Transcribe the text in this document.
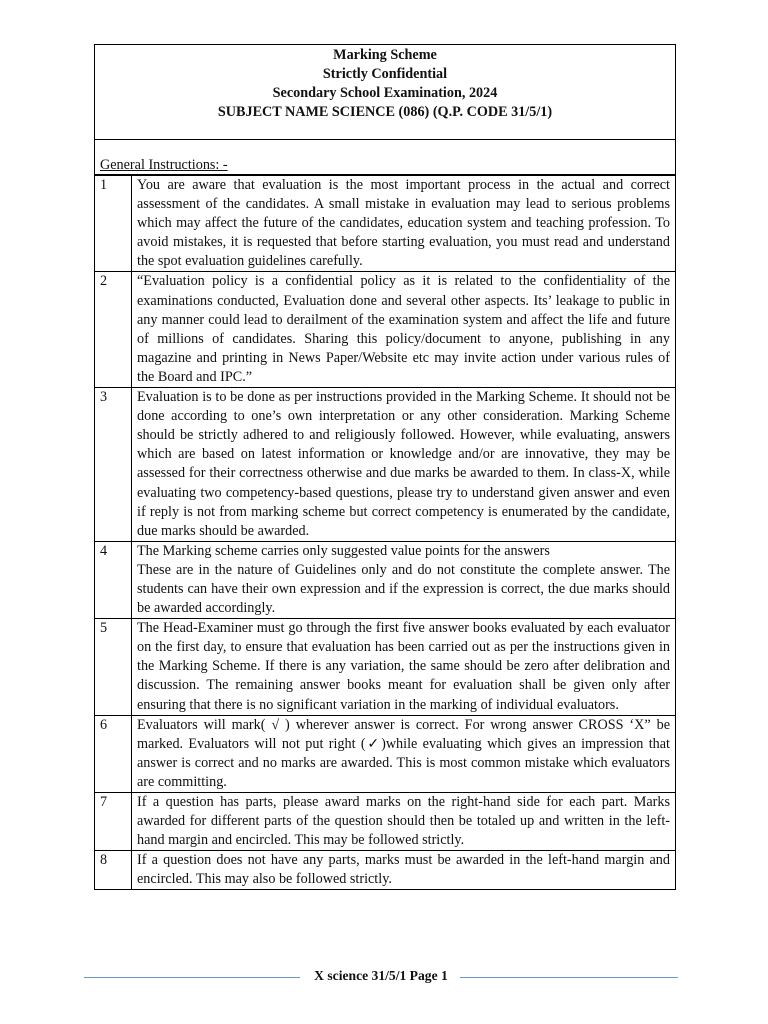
Marking Scheme
Strictly Confidential
Secondary School Examination, 2024
SUBJECT NAME SCIENCE (086) (Q.P. CODE 31/5/1)
General Instructions: -
1	You are aware that evaluation is the most important process in the actual and correct assessment of the candidates. A small mistake in evaluation may lead to serious problems which may affect the future of the candidates, education system and teaching profession. To avoid mistakes, it is requested that before starting evaluation, you must read and understand the spot evaluation guidelines carefully.
2	“Evaluation policy is a confidential policy as it is related to the confidentiality of the examinations conducted, Evaluation done and several other aspects. Its’ leakage to public in any manner could lead to derailment of the examination system and affect the life and future of millions of candidates. Sharing this policy/document to anyone, publishing in any magazine and printing in News Paper/Website etc may invite action under various rules of the Board and IPC.”
3	Evaluation is to be done as per instructions provided in the Marking Scheme. It should not be done according to one’s own interpretation or any other consideration. Marking Scheme should be strictly adhered to and religiously followed. However, while evaluating, answers which are based on latest information or knowledge and/or are innovative, they may be assessed for their correctness otherwise and due marks be awarded to them. In class-X, while evaluating two competency-based questions, please try to understand given answer and even if reply is not from marking scheme but correct competency is enumerated by the candidate, due marks should be awarded.
4	The Marking scheme carries only suggested value points for the answers
These are in the nature of Guidelines only and do not constitute the complete answer. The students can have their own expression and if the expression is correct, the due marks should be awarded accordingly.

5	The Head-Examiner must go through the first five answer books evaluated by each evaluator on the first day, to ensure that evaluation has been carried out as per the instructions given in the Marking Scheme. If there is any variation, the same should be zero after delibration and discussion. The remaining answer books meant for evaluation shall be given only after ensuring that there is no significant variation in the marking of individual evaluators.
6	Evaluators will mark( √ ) wherever answer is correct. For wrong answer CROSS ‘X” be marked. Evaluators will not put right (✓)while evaluating which gives an impression that answer is correct and no marks are awarded. This is most common mistake which evaluators are committing.
7	If a question has parts, please award marks on the right-hand side for each part. Marks awarded for different parts of the question should then be totaled up and written in the left-hand margin and encircled. This may be followed strictly.
8	If a question does not have any parts, marks must be awarded in the left-hand margin and encircled. This may also be followed strictly.
X science 31/5/1 Page 1
